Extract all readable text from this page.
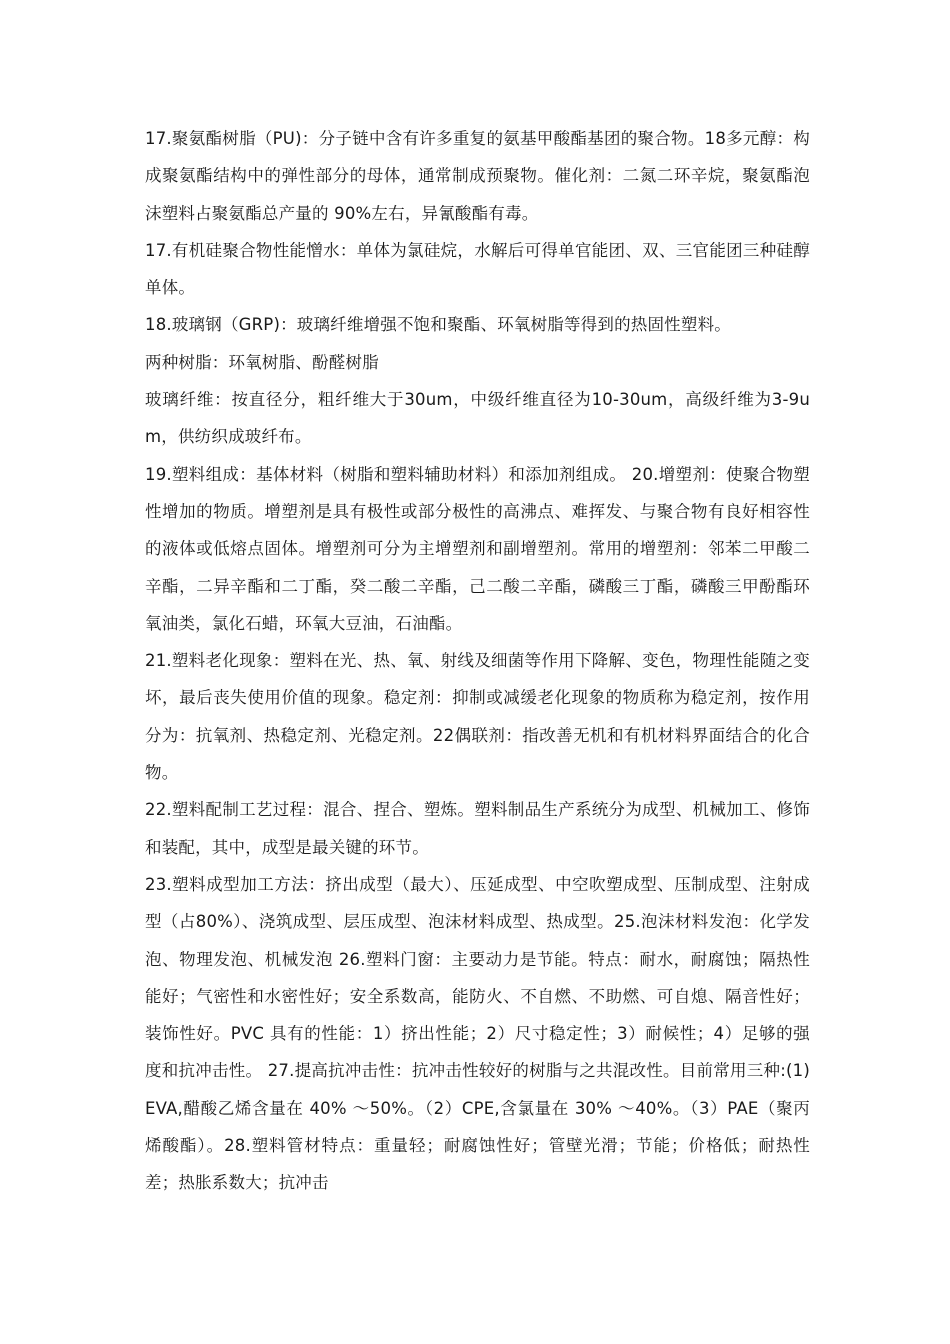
17.聚氨酯树脂（PU)：分子链中含有许多重复的氨基甲酸酯基团的聚合物。18多元醇：构成聚氨酯结构中的弹性部分的母体，通常制成预聚物。催化剂：二氮二环辛烷，聚氨酯泡沫塑料占聚氨酯总产量的 90%左右，异氰酸酯有毒。

17.有机硅聚合物性能憎水：单体为氯硅烷，水解后可得单官能团、双、三官能团三种硅醇单体。

18.玻璃钢（GRP)：玻璃纤维增强不饱和聚酯、环氧树脂等得到的热固性塑料。

两种树脂：环氧树脂、酚醛树脂

玻璃纤维：按直径分，粗纤维大于30um，中级纤维直径为10-30um，高级纤维为3-9um，供纺织成玻纤布。

19.塑料组成：基体材料（树脂和塑料辅助材料）和添加剂组成。 20.增塑剂：使聚合物塑性增加的物质。增塑剂是具有极性或部分极性的高沸点、难挥发、与聚合物有良好相容性的液体或低熔点固体。增塑剂可分为主增塑剂和副增塑剂。常用的增塑剂：邻苯二甲酸二辛酯，二异辛酯和二丁酯，癸二酸二辛酯，己二酸二辛酯，磷酸三丁酯，磷酸三甲酚酯环氧油类，氯化石蜡，环氧大豆油，石油酯。

21.塑料老化现象：塑料在光、热、氧、射线及细菌等作用下降解、变色，物理性能随之变坏，最后丧失使用价值的现象。稳定剂：抑制或减缓老化现象的物质称为稳定剂，按作用分为：抗氧剂、热稳定剂、光稳定剂。22偶联剂：指改善无机和有机材料界面结合的化合物。

22.塑料配制工艺过程：混合、捏合、塑炼。塑料制品生产系统分为成型、机械加工、修饰和装配，其中，成型是最关键的环节。

23.塑料成型加工方法：挤出成型（最大）、压延成型、中空吹塑成型、压制成型、注射成型（占80%）、浇筑成型、层压成型、泡沫材料成型、热成型。25.泡沫材料发泡：化学发泡、物理发泡、机械发泡 26.塑料门窗：主要动力是节能。特点：耐水，耐腐蚀；隔热性能好；气密性和水密性好；安全系数高，能防火、不自燃、不助燃、可自熄、隔音性好；装饰性好。PVC 具有的性能：1）挤出性能；2）尺寸稳定性；3）耐候性；4）足够的强度和抗冲击性。 27.提高抗冲击性：抗冲击性较好的树脂与之共混改性。目前常用三种:(1)EVA,醋酸乙烯含量在 40% ～50%。（2）CPE,含氯量在 30% ～40%。（3）PAE（聚丙烯酸酯）。28.塑料管材特点：重量轻；耐腐蚀性好；管壁光滑；节能；价格低；耐热性差；热胀系数大；抗冲击
